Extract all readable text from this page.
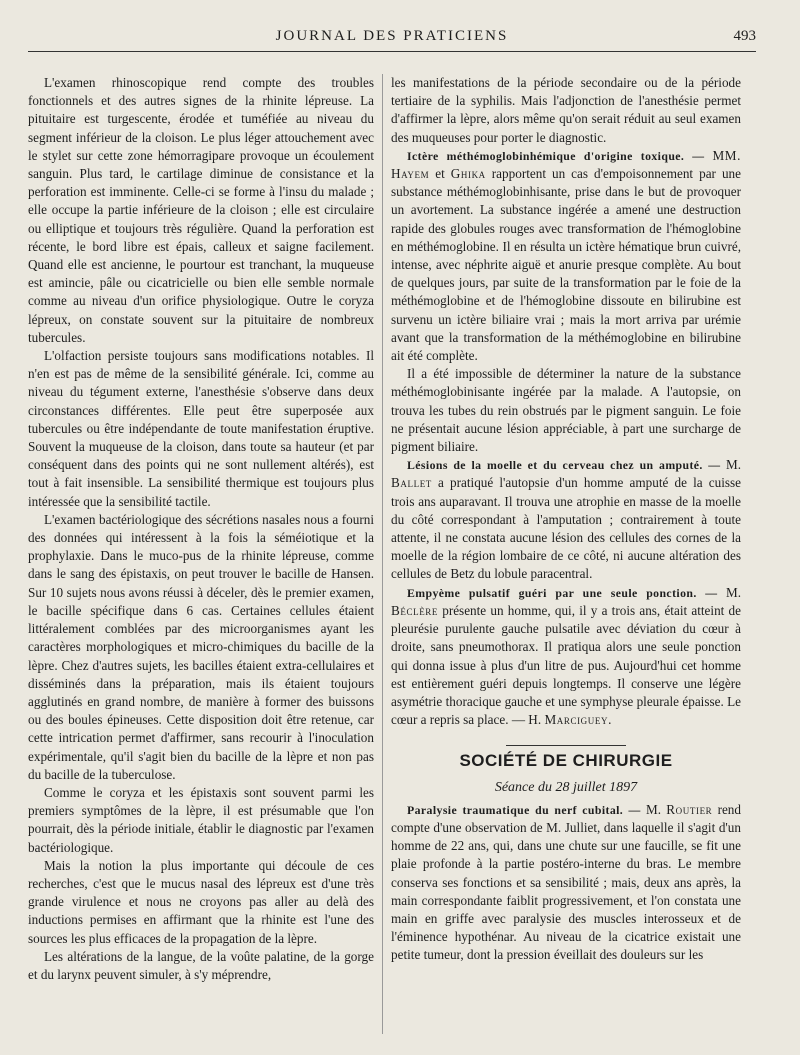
JOURNAL DES PRATICIENS	493

L'examen rhinoscopique rend compte des troubles fonctionnels et des autres signes de la rhinite lépreuse. La pituitaire est turgescente, érodée et tuméfiée au niveau du segment inférieur de la cloison. Le plus léger attouchement avec le stylet sur cette zone hémorragipare provoque un écoulement sanguin. Plus tard, le cartilage diminue de consistance et la perforation est imminente. Celle-ci se forme à l'insu du malade ; elle occupe la partie inférieure de la cloison ; elle est circulaire ou elliptique et toujours très régulière. Quand la perforation est récente, le bord libre est épais, calleux et saigne facilement. Quand elle est ancienne, le pourtour est tranchant, la muqueuse est amincie, pâle ou cicatricielle ou bien elle semble normale comme au niveau d'un orifice physiologique. Outre le coryza lépreux, on constate souvent sur la pituitaire de nombreux tubercules.

L'olfaction persiste toujours sans modifications notables. Il n'en est pas de même de la sensibilité générale. Ici, comme au niveau du tégument externe, l'anesthésie s'observe dans deux circonstances différentes. Elle peut être superposée aux tubercules ou être indépendante de toute manifestation éruptive. Souvent la muqueuse de la cloison, dans toute sa hauteur (et par conséquent dans des points qui ne sont nullement altérés), est tout à fait insensible. La sensibilité thermique est toujours plus intéressée que la sensibilité tactile.

L'examen bactériologique des sécrétions nasales nous a fourni des données qui intéressent à la fois la séméiotique et la prophylaxie. Dans le muco-pus de la rhinite lépreuse, comme dans le sang des épistaxis, on peut trouver le bacille de Hansen. Sur 10 sujets nous avons réussi à déceler, dès le premier examen, le bacille spécifique dans 6 cas. Certaines cellules étaient littéralement comblées par des microorganismes ayant les caractères morphologiques et micro-chimiques du bacille de la lèpre. Chez d'autres sujets, les bacilles étaient extra-cellulaires et disséminés dans la préparation, mais ils étaient toujours agglutinés en grand nombre, de manière à former des buissons ou des boules épineuses. Cette disposition doit être retenue, car cette intrication permet d'affirmer, sans recourir à l'inoculation expérimentale, qu'il s'agit bien du bacille de la lèpre et non pas du bacille de la tuberculose.

Comme le coryza et les épistaxis sont souvent parmi les premiers symptômes de la lèpre, il est présumable que l'on pourrait, dès la période initiale, établir le diagnostic par l'examen bactériologique.

Mais la notion la plus importante qui découle de ces recherches, c'est que le mucus nasal des lépreux est d'une très grande virulence et nous ne croyons pas aller au delà des inductions permises en affirmant que la rhinite est l'une des sources les plus efficaces de la propagation de la lèpre.

Les altérations de la langue, de la voûte palatine, de la gorge et du larynx peuvent simuler, à s'y méprendre,

les manifestations de la période secondaire ou de la période tertiaire de la syphilis. Mais l'adjonction de l'anesthésie permet d'affirmer la lèpre, alors même qu'on serait réduit au seul examen des muqueuses pour porter le diagnostic.

Ictère méthémoglobinhémique d'origine toxique. — MM. Hayem et Ghika rapportent un cas d'empoisonnement par une substance méthémoglobinhisante, prise dans le but de provoquer un avortement. La substance ingérée a amené une destruction rapide des globules rouges avec transformation de l'hémoglobine en méthémoglobine. Il en résulta un ictère hématique brun cuivré, intense, avec néphrite aiguë et anurie presque complète. Au bout de quelques jours, par suite de la transformation par le foie de la méthémoglobine et de l'hémoglobine dissoute en bilirubine est survenu un ictère biliaire vrai ; mais la mort arriva par urémie avant que la transformation de la méthémoglobine en bilirubine ait été complète.

Il a été impossible de déterminer la nature de la substance méthémoglobinisante ingérée par la malade. A l'autopsie, on trouva les tubes du rein obstrués par le pigment sanguin. Le foie ne présentait aucune lésion appréciable, à part une surcharge de pigment biliaire.

Lésions de la moelle et du cerveau chez un amputé. — M. Ballet a pratiqué l'autopsie d'un homme amputé de la cuisse trois ans auparavant. Il trouva une atrophie en masse de la moelle du côté correspondant à l'amputation ; contrairement à toute attente, il ne constata aucune lésion des cellules des cornes de la moelle de la région lombaire de ce côté, ni aucune altération des cellules de Betz du lobule paracentral.

Empyème pulsatif guéri par une seule ponction. — M. Béclère présente un homme, qui, il y a trois ans, était atteint de pleurésie purulente gauche pulsatile avec déviation du cœur à droite, sans pneumothorax. Il pratiqua alors une seule ponction qui donna issue à plus d'un litre de pus. Aujourd'hui cet homme est entièrement guéri depuis longtemps. Il conserve une légère asymétrie thoracique gauche et une symphyse pleurale épaisse. Le cœur a repris sa place. — H. Marciguey.

SOCIÉTÉ DE CHIRURGIE
Séance du 28 juillet 1897

Paralysie traumatique du nerf cubital. — M. Routier rend compte d'une observation de M. Julliet, dans laquelle il s'agit d'un homme de 22 ans, qui, dans une chute sur une faucille, se fit une plaie profonde à la partie postéro-interne du bras. Le membre conserva ses fonctions et sa sensibilité ; mais, deux ans après, la main correspondante faiblit progressivement, et l'on constata une main en griffe avec paralysie des muscles interosseux et de l'éminence hypothénar. Au niveau de la cicatrice existait une petite tumeur, dont la pression éveillait des douleurs sur les
